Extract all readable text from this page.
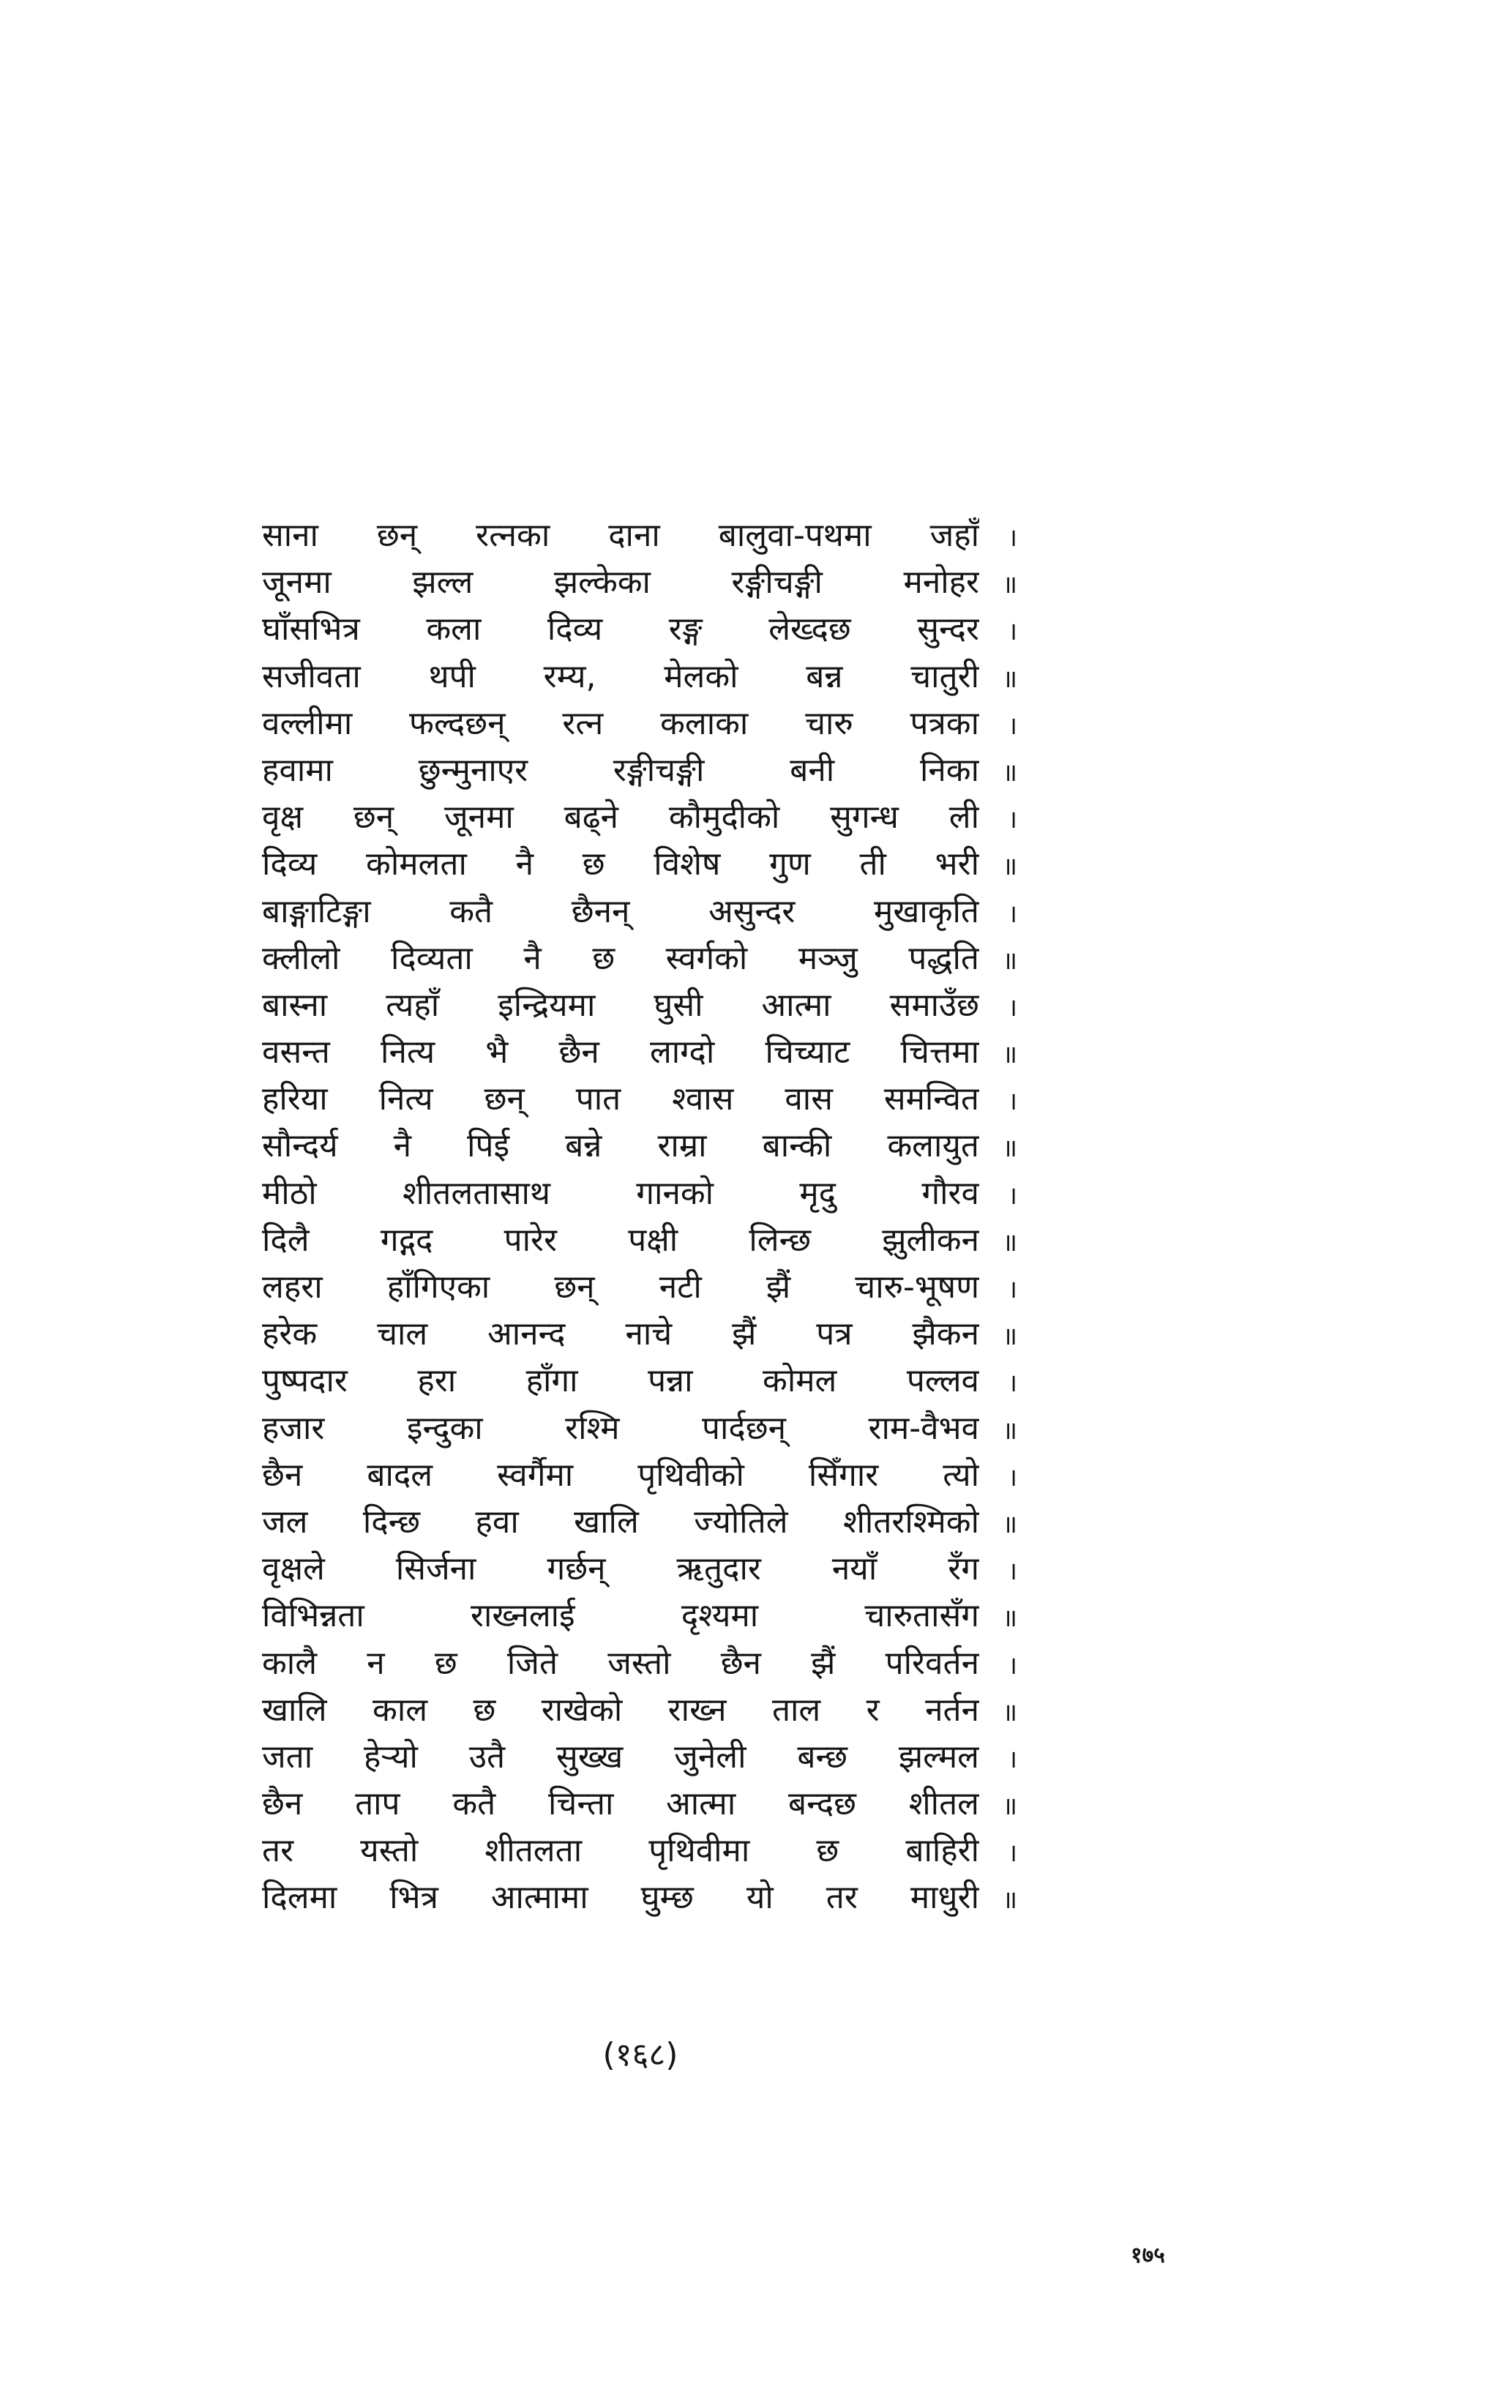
साना छन् रत्नका दाना बालुवा-पथमा जहाँ	।
जूनमा झल्ल झल्केका रङ्गीचङ्गी मनोहर ॥
घाँसभित्र कला दिव्य रङ्ग लेख्दछ सुन्दर	।
सजीवता थपी रम्य, मेलको बन्न चातुरी ॥
वल्लीमा फल्दछन् रत्न कलाका चारु पत्रका	।
हवामा छुन्मुनाएर रङ्गीचङ्गी बनी निका ॥
वृक्ष छन् जूनमा बढ्ने कौमुदीको सुगन्ध ली	।
दिव्य कोमलता नै छ विशेष गुण ती भरी ॥
बाङ्गाटिङ्गा कतै छैनन् असुन्दर मुखाकृति	।
क्लीलो दिव्यता नै छ स्वर्गको मञ्जु पद्धति ॥
बास्ना त्यहाँ इन्द्रियमा घुसी आत्मा समाउँछ	।
वसन्त नित्य भै छैन लाग्दो चिच्याट चित्तमा ॥
हरिया नित्य छन् पात श्वास वास समन्वित	।
सौन्दर्य नै पिई बन्ने राम्रा बान्की कलायुत ॥
मीठो शीतलतासाथ गानको मृदु गौरव	।
दिलै गद्गद पारेर पक्षी लिन्छ झुलीकन ॥
लहरा हाँगिएका छन् नटी झैं चारु-भूषण	।
हरेक चाल आनन्द नाचे झैं पत्र झैकन ॥
पुष्पदार हरा हाँगा पन्ना कोमल पल्लव	।
हजार इन्दुका रश्मि पार्दछन् राम-वैभव ॥
छैन बादल स्वर्गैमा पृथिवीको सिँगार त्यो	।
जल दिन्छ हवा खालि ज्योतिले शीतरश्मिको ॥
वृक्षले सिर्जना गर्छन् ऋतुदार नयाँ रँग	।
विभिन्नता राख्नलाई दृश्यमा चारुतासँग ॥
कालै न छ जिते जस्तो छैन झैं परिवर्तन	।
खालि काल छ राखेको राख्न ताल र नर्तन ॥
जता हेऱ्यो उतै सुख्ख जुनेली बन्छ झल्मल	।
छैन ताप कतै चिन्ता आत्मा बन्दछ शीतल ॥
तर यस्तो शीतलता पृथिवीमा छ बाहिरी	।
दिलमा भित्र आत्मामा घुम्छ यो तर माधुरी ॥
(१६८)
१७५
